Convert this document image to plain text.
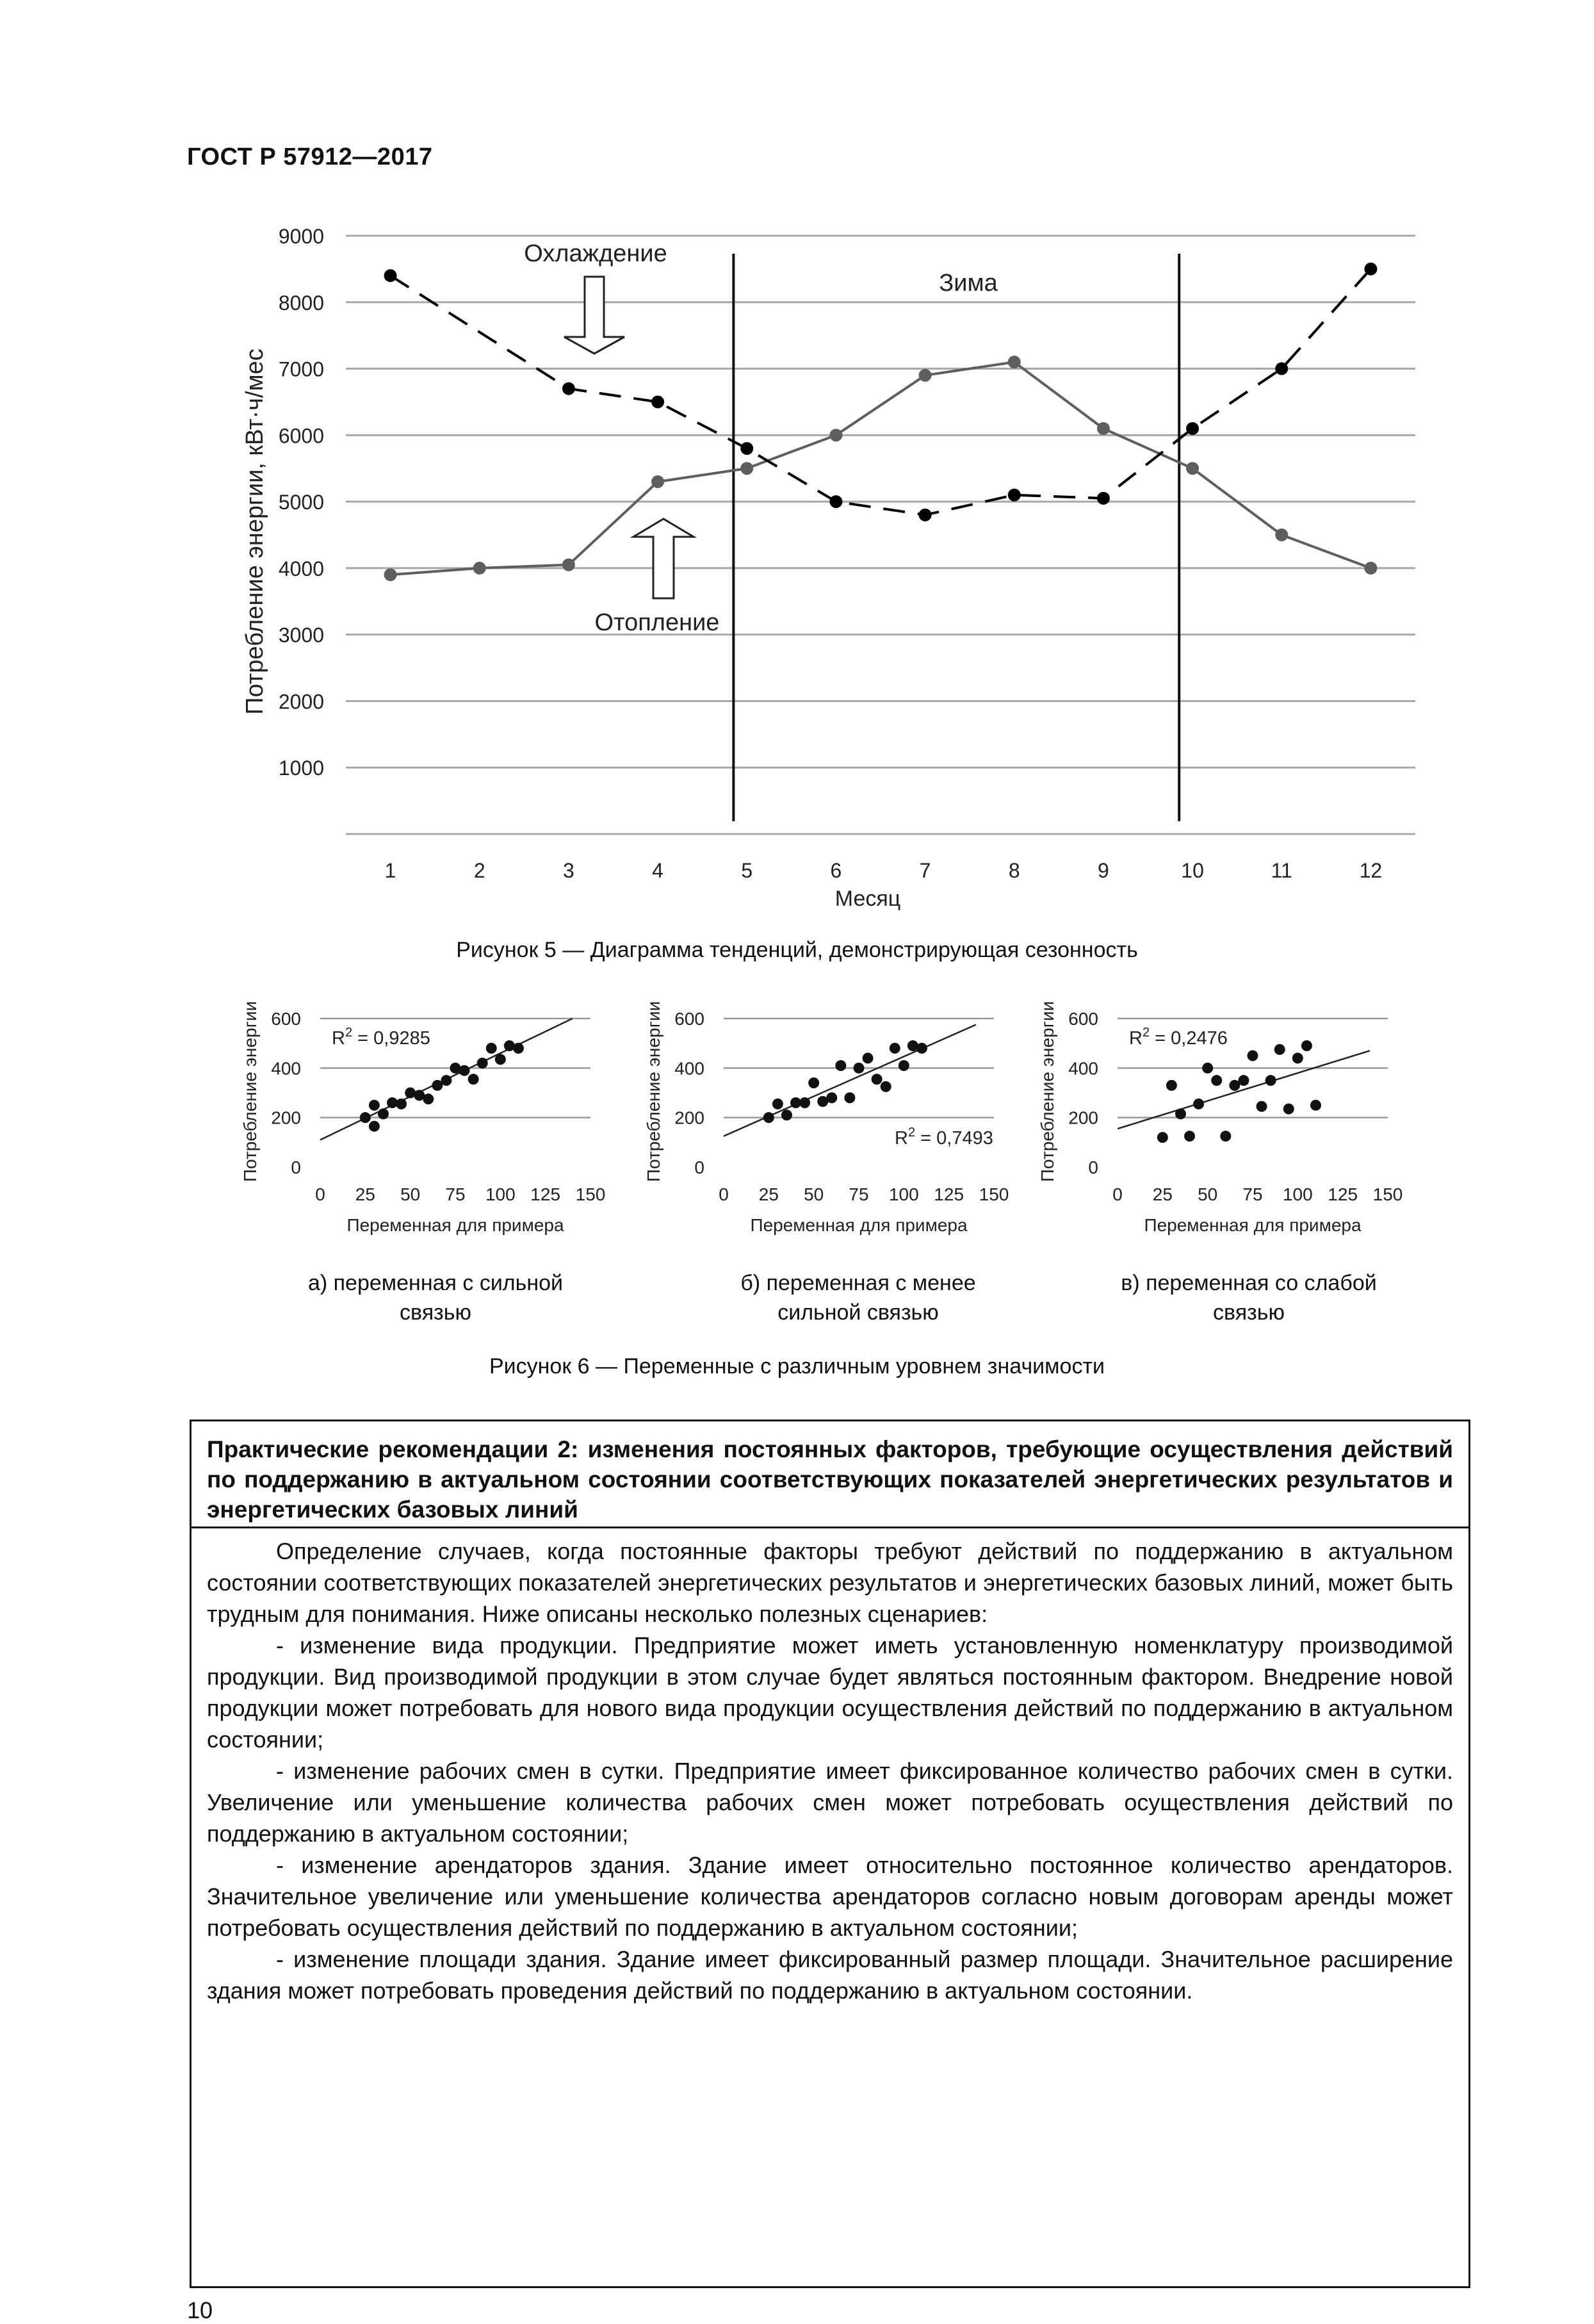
ГОСТ Р 57912—2017
1000
2000
3000
4000
5000
6000
7000
8000
9000
1	2	3	4	5	6	7	8	9	10	11	12
Потребление энергии, кВт·ч/мес
Месяц
Охлаждение
Зима
Отопление
Рисунок 5 — Диаграмма тенденций, демонстрирующая сезонность
0
200
400
600
0 25 50 75 100 125 150
Переменная для примера
Потребление энергии	$R^2 = 0,9285$
0
200
400
600
0 25 50 75 100 125 150
Переменная для примера
Потребление энергии	$R^2 = 0,7493$
0
200
400
600
0 25 50 75 100 125 150
Переменная для примера
Потребление энергии	$R^2 = 0,2476$
а) переменная с сильной
связью
б) переменная с менее
сильной связью
в) переменная со слабой
связью
Рисунок 6 — Переменные с различным уровнем значимости
Практические рекомендации 2: изменения постоянных факторов, требующие осуществления действий по поддержанию в актуальном состоянии соответствующих показателей энергетических результатов и энергетических базовых линий

Определение случаев, когда постоянные факторы требуют действий по поддержанию в актуальном состоянии соответствующих показателей энергетических результатов и энергетических базовых линий, может быть трудным для понимания. Ниже описаны несколько полезных сценариев:

- изменение вида продукции. Предприятие может иметь установленную номенклатуру производимой продукции. Вид производимой продукции в этом случае будет являться постоянным фактором. Внедрение новой продукции может потребовать для нового вида продукции осуществления действий по поддержанию в актуальном состоянии;

- изменение рабочих смен в сутки. Предприятие имеет фиксированное количество рабочих смен в сутки. Увеличение или уменьшение количества рабочих смен может потребовать осуществления действий по поддержанию в актуальном состоянии;

- изменение арендаторов здания. Здание имеет относительно постоянное количество арендаторов. Значительное увеличение или уменьшение количества арендаторов согласно новым договорам аренды может потребовать осуществления действий по поддержанию в актуальном состоянии;

- изменение площади здания. Здание имеет фиксированный размер площади. Значительное расширение здания может потребовать проведения действий по поддержанию в актуальном состоянии.

10
